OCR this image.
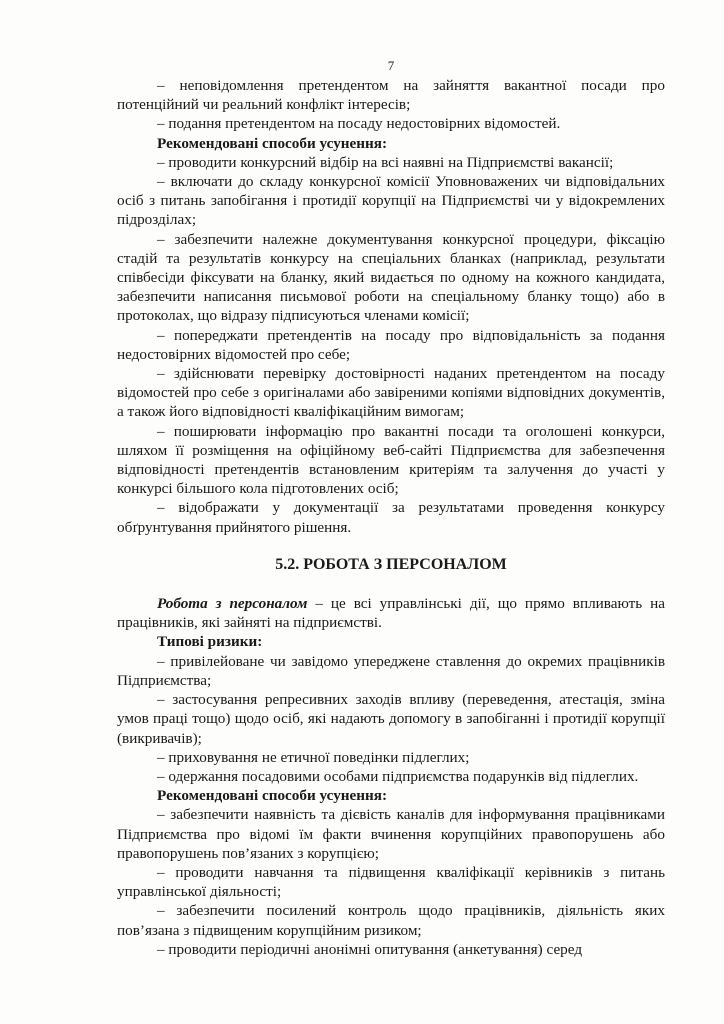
7

– неповідомлення претендентом на зайняття вакантної посади про потенційний чи реальний конфлікт інтересів;

– подання претендентом на посаду недостовірних відомостей.

Рекомендовані способи усунення:

– проводити конкурсний відбір на всі наявні на Підприємстві вакансії;

– включати до складу конкурсної комісії Уповноважених чи відповідальних осіб з питань запобігання і протидії корупції на Підприємстві чи у відокремлених підрозділах;

– забезпечити належне документування конкурсної процедури, фіксацію стадій та результатів конкурсу на спеціальних бланках (наприклад, результати співбесіди фіксувати на бланку, який видається по одному на кожного кандидата, забезпечити написання письмової роботи на спеціальному бланку тощо) або в протоколах, що відразу підписуються членами комісії;

– попереджати претендентів на посаду про відповідальність за подання недостовірних відомостей про себе;

– здійснювати перевірку достовірності наданих претендентом на посаду відомостей про себе з оригіналами або завіреними копіями відповідних документів, а також його відповідності кваліфікаційним вимогам;

– поширювати інформацію про вакантні посади та оголошені конкурси, шляхом її розміщення на офіційному веб-сайті Підприємства для забезпечення відповідності претендентів встановленим критеріям та залучення до участі у конкурсі більшого кола підготовлених осіб;

– відображати у документації за результатами проведення конкурсу обґрунтування прийнятого рішення.

5.2. РОБОТА З ПЕРСОНАЛОМ

Робота з персоналом – це всі управлінські дії, що прямо впливають на працівників, які зайняті на підприємстві.

Типові ризики:

– привілейоване чи завідомо упереджене ставлення до окремих працівників Підприємства;

– застосування репресивних заходів впливу (переведення, атестація, зміна умов праці тощо) щодо осіб, які надають допомогу в запобіганні і протидії корупції (викривачів);

– приховування не етичної поведінки підлеглих;

– одержання посадовими особами підприємства подарунків від підлеглих.

Рекомендовані способи усунення:

– забезпечити наявність та дієвість каналів для інформування працівниками Підприємства про відомі їм факти вчинення корупційних правопорушень або правопорушень пов’язаних з корупцією;

– проводити навчання та підвищення кваліфікації керівників з питань управлінської діяльності;

– забезпечити посилений контроль щодо працівників, діяльність яких пов’язана з підвищеним корупційним ризиком;

– проводити періодичні анонімні опитування (анкетування) серед
